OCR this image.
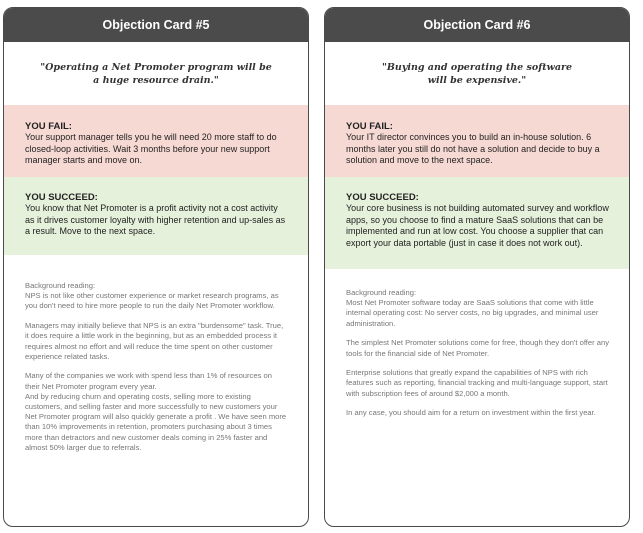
Objection Card #5
"Operating a Net Promoter program will be
a huge resource drain."
YOU FAIL:
Your support manager tells you he will need 20 more staff to do closed-loop activities. Wait 3 months before your new support manager starts and move on.
YOU SUCCEED:
You know that Net Promoter is a profit activity not a cost activity as it drives customer loyalty with higher retention and up-sales as a result. Move to the next space.

Background reading:
NPS is not like other customer experience or market research programs, as you don't need to hire more people to run the daily Net Promoter workflow.

Managers may initially believe that NPS is an extra "burdensome" task. True, it does require a little work in the beginning, but as an embedded process it requires almost no effort and will reduce the time spent on other customer experience related tasks.

Many of the companies we work with spend less than 1% of resources on their Net Promoter program every year.
And by reducing churn and operating costs, selling more to existing customers, and selling faster and more successfully to new customers your Net Promoter program will also quickly generate a profit . We have seen more than 10% improvements in retention, promoters purchasing about 3 times more than detractors and new customer deals coming in 25% faster and almost 50% larger due to referrals.

Objection Card #6
"Buying and operating the software
will be expensive."
YOU FAIL:
Your IT director convinces you to build an in-house solution. 6 months later you still do not have a solution and decide to buy a solution and move to the next space.
YOU SUCCEED:
Your core business is not building automated survey and workflow apps, so you choose to find a mature SaaS solutions that can be implemented and run at low cost. You choose a supplier that can export your data portable (just in case it does not work out).

Background reading:
Most Net Promoter software today are SaaS solutions that come with little internal operating cost: No server costs, no big upgrades, and minimal user administration.

The simplest Net Promoter solutions come for free, though they don't offer any tools for the financial side of Net Promoter.

Enterprise solutions that greatly expand the capabilities of NPS with rich features such as reporting, financial tracking and multi-language support, start with subscription fees of around $2,000 a month.

In any case, you should aim for a return on investment within the first year.
